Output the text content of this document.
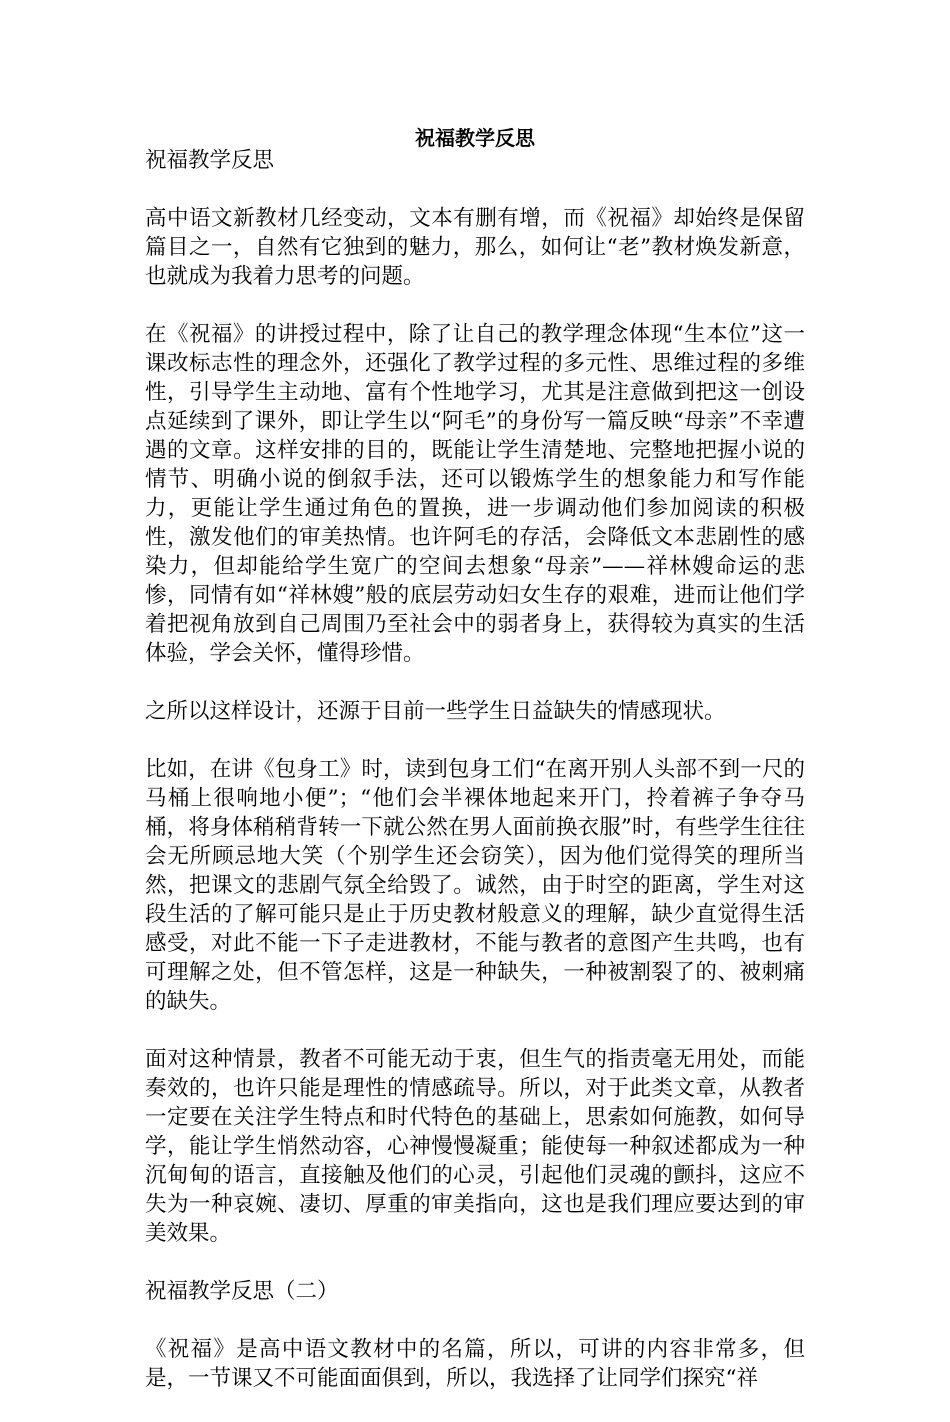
祝福教学反思

祝福教学反思

高中语文新教材几经变动，文本有删有增，而《祝福》却始终是保留篇目之一，自然有它独到的魅力，那么，如何让“老”教材焕发新意，也就成为我着力思考的问题。

在《祝福》的讲授过程中，除了让自己的教学理念体现“生本位”这一课改标志性的理念外，还强化了教学过程的多元性、思维过程的多维性，引导学生主动地、富有个性地学习，尤其是注意做到把这一创设点延续到了课外，即让学生以“阿毛”的身份写一篇反映“母亲”不幸遭遇的文章。这样安排的目的，既能让学生清楚地、完整地把握小说的情节、明确小说的倒叙手法，还可以锻炼学生的想象能力和写作能力，更能让学生通过角色的置换，进一步调动他们参加阅读的积极性，激发他们的审美热情。也许阿毛的存活，会降低文本悲剧性的感染力，但却能给学生宽广的空间去想象“母亲”——祥林嫂命运的悲惨，同情有如“祥林嫂”般的底层劳动妇女生存的艰难，进而让他们学着把视角放到自己周围乃至社会中的弱者身上，获得较为真实的生活体验，学会关怀，懂得珍惜。

之所以这样设计，还源于目前一些学生日益缺失的情感现状。

比如，在讲《包身工》时，读到包身工们“在离开别人头部不到一尺的马桶上很响地小便”；“他们会半裸体地起来开门，拎着裤子争夺马桶，将身体稍稍背转一下就公然在男人面前换衣服”时，有些学生往往会无所顾忌地大笑（个别学生还会窃笑），因为他们觉得笑的理所当然，把课文的悲剧气氛全给毁了。诚然，由于时空的距离，学生对这段生活的了解可能只是止于历史教材般意义的理解，缺少直觉得生活感受，对此不能一下子走进教材，不能与教者的意图产生共鸣，也有可理解之处，但不管怎样，这是一种缺失，一种被割裂了的、被刺痛的缺失。

面对这种情景，教者不可能无动于衷，但生气的指责毫无用处，而能奏效的，也许只能是理性的情感疏导。所以，对于此类文章，从教者一定要在关注学生特点和时代特色的基础上，思索如何施教，如何导学，能让学生悄然动容，心神慢慢凝重；能使每一种叙述都成为一种沉甸甸的语言，直接触及他们的心灵，引起他们灵魂的颤抖，这应不失为一种哀婉、凄切、厚重的审美指向，这也是我们理应要达到的审美效果。

祝福教学反思（二）

《祝福》是高中语文教材中的名篇，所以，可讲的内容非常多，但是，一节课又不可能面面俱到，所以，我选择了让同学们探究“祥
